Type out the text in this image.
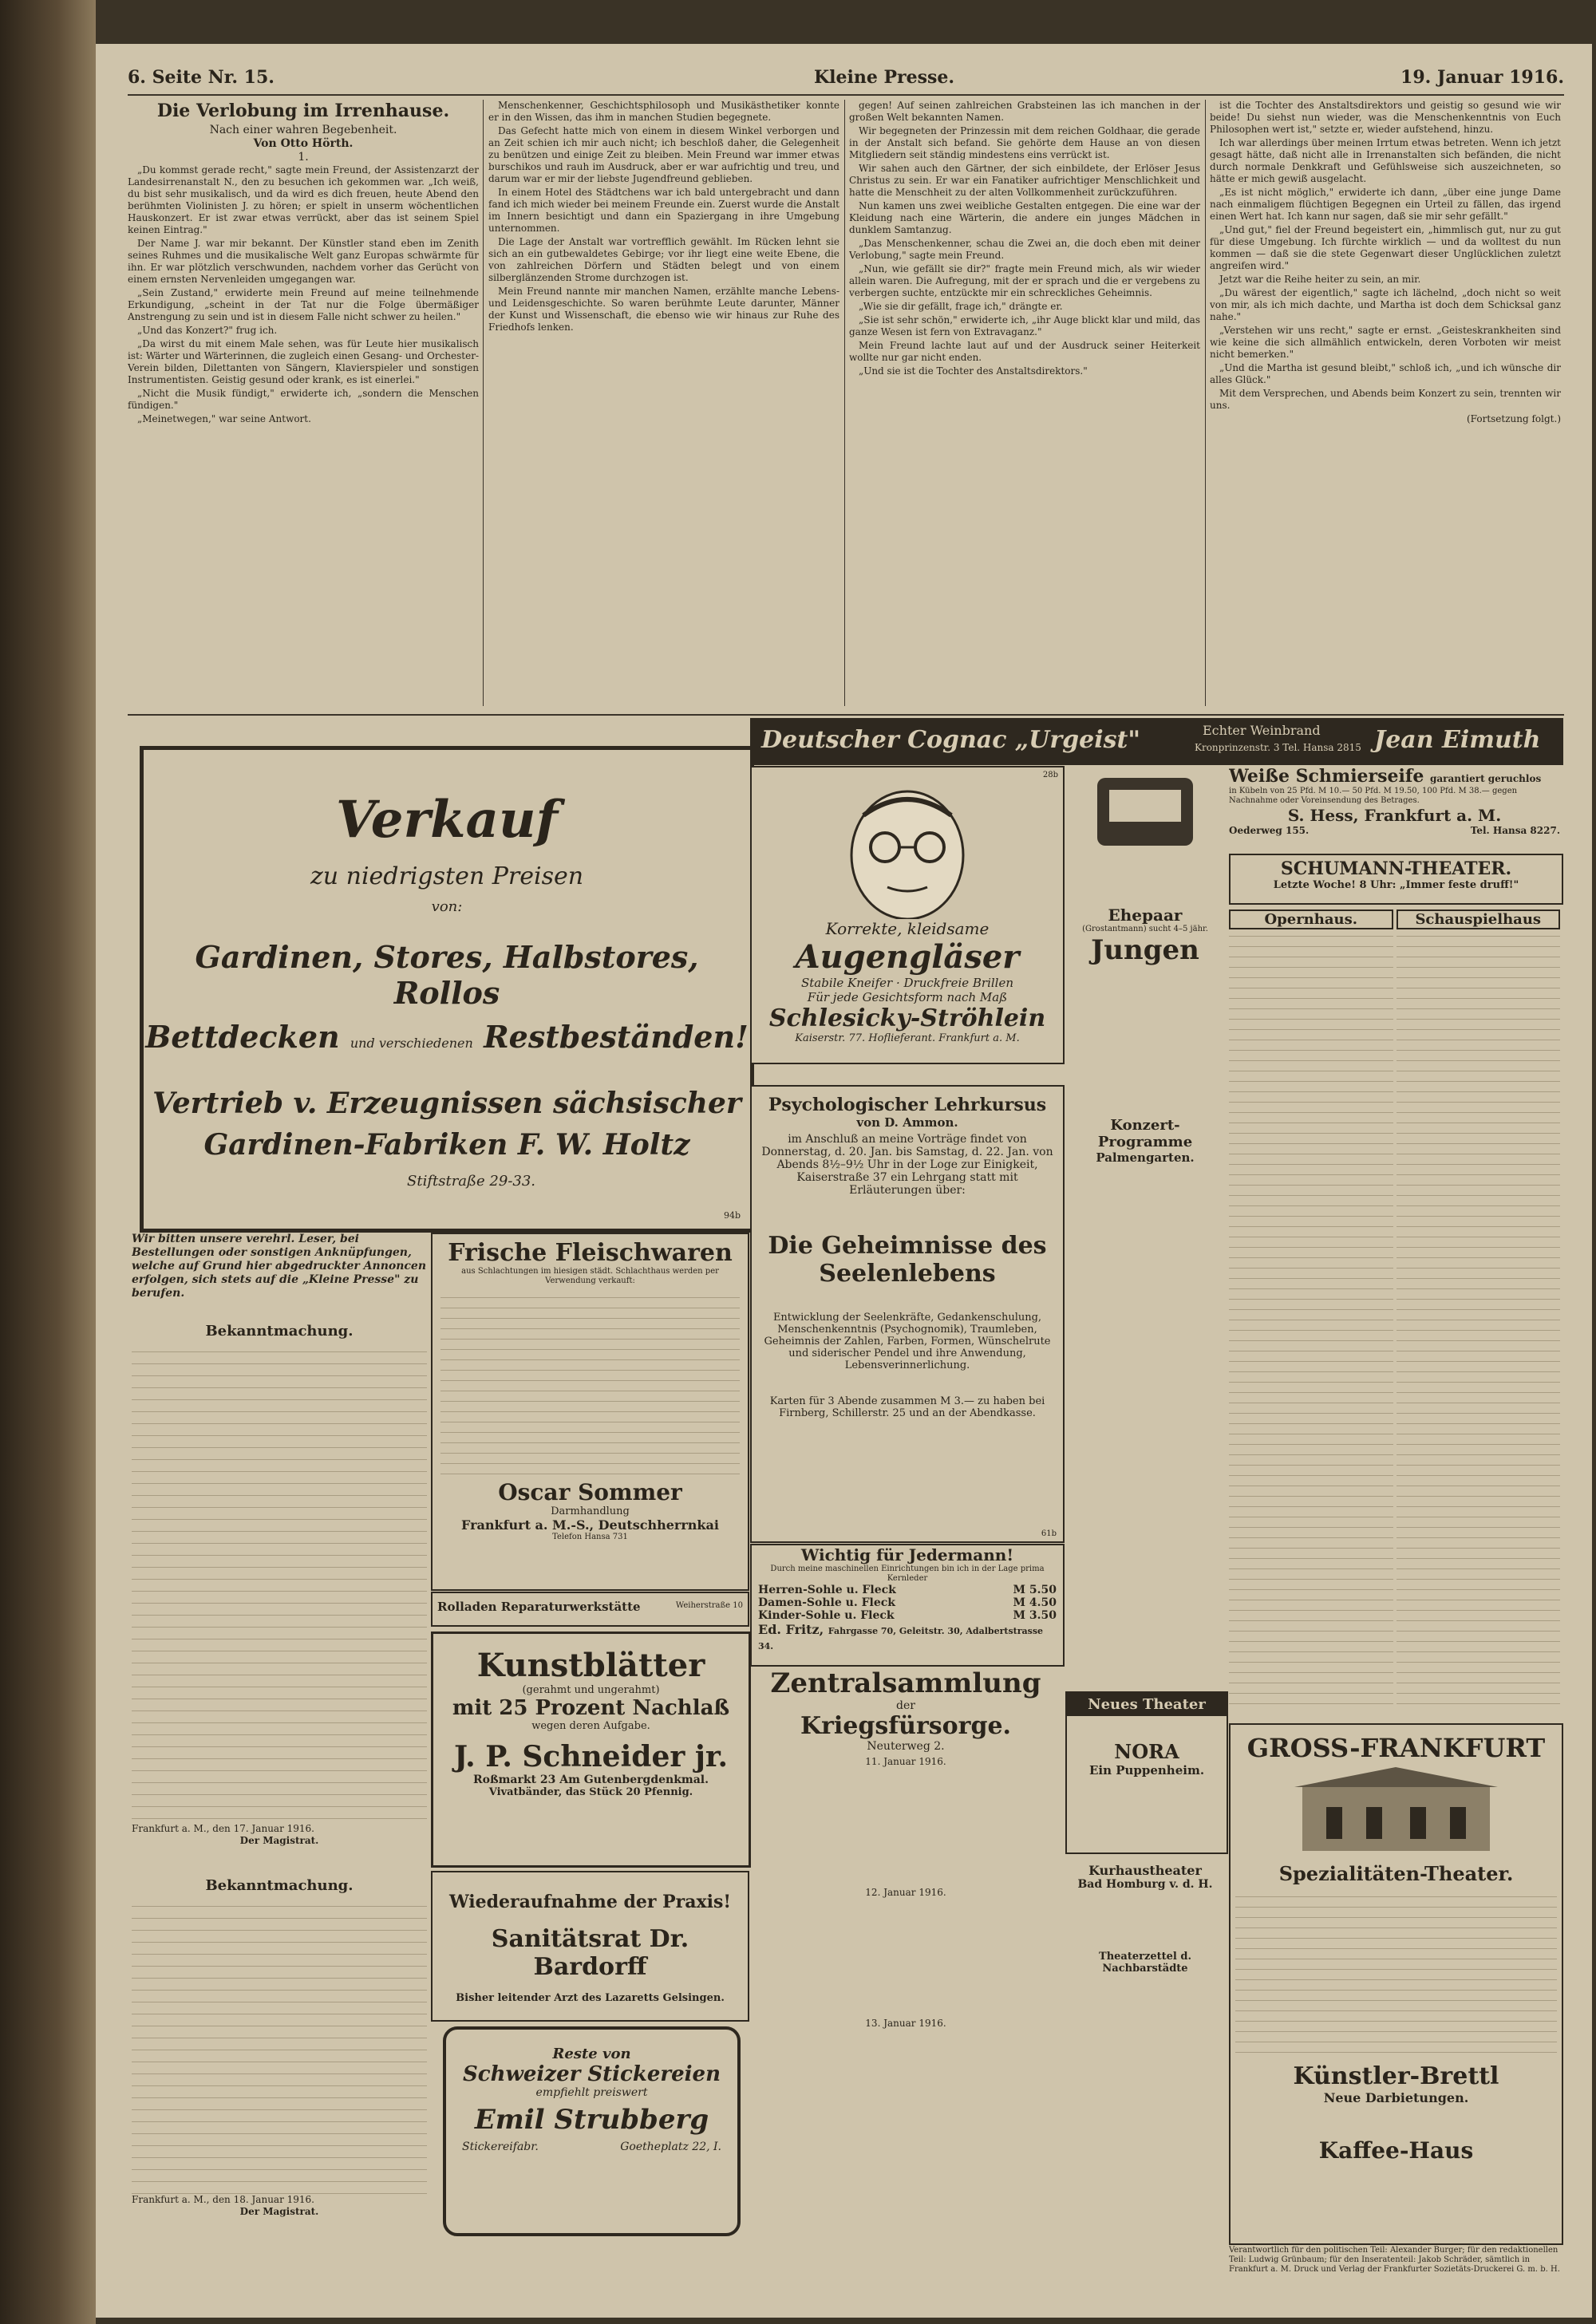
6. Seite Nr. 15.	Kleine Presse.	19. Januar 1916.
Die Verlobung im Irrenhause.
Nach einer wahren Begebenheit.
Von Otto Hörth.
1.

„Du kommst gerade recht," sagte mein Freund, der Assistenzarzt der Landesirrenanstalt N., den zu besuchen ich gekommen war. „Ich weiß, du bist sehr musikalisch, und da wird es dich freuen, heute Abend den berühmten Violinisten J. zu hören; er spielt in unserm wöchentlichen Hauskonzert. Er ist zwar etwas verrückt, aber das ist seinem Spiel keinen Eintrag."

Der Name J. war mir bekannt. Der Künstler stand eben im Zenith seines Ruhmes und die musikalische Welt ganz Europas schwärmte für ihn. Er war plötzlich verschwunden, nachdem vorher das Gerücht von einem ernsten Nervenleiden umgegangen war.

„Sein Zustand," erwiderte mein Freund auf meine teilnehmende Erkundigung, „scheint in der Tat nur die Folge übermäßiger Anstrengung zu sein und ist in diesem Falle nicht schwer zu heilen."

„Und das Konzert?" frug ich.

„Da wirst du mit einem Male sehen, was für Leute hier musikalisch ist: Wärter und Wärterinnen, die zugleich einen Gesang- und Orchester-Verein bilden, Dilettanten von Sängern, Klavierspieler und sonstigen Instrumentisten. Geistig gesund oder krank, es ist einerlei."

„Nicht die Musik fündigt," erwiderte ich, „sondern die Menschen fündigen."

„Meinetwegen," war seine Antwort.

Menschenkenner, Geschichtsphilosoph und Musikästhetiker konnte er in den Wissen, das ihm in manchen Studien begegnete.

Das Gefecht hatte mich von einem in diesem Winkel verborgen und an Zeit schien ich mir auch nicht; ich beschloß daher, die Gelegenheit zu benützen und einige Zeit zu bleiben. Mein Freund war immer etwas burschikos und rauh im Ausdruck, aber er war aufrichtig und treu, und darum war er mir der liebste Jugendfreund geblieben.

In einem Hotel des Städtchens war ich bald untergebracht und dann fand ich mich wieder bei meinem Freunde ein. Zuerst wurde die Anstalt im Innern besichtigt und dann ein Spaziergang in ihre Umgebung unternommen.

Die Lage der Anstalt war vortrefflich gewählt. Im Rücken lehnt sie sich an ein gutbewaldetes Gebirge; vor ihr liegt eine weite Ebene, die von zahlreichen Dörfern und Städten belegt und von einem silberglänzenden Strome durchzogen ist.

Mein Freund nannte mir manchen Namen, erzählte manche Lebens- und Leidensgeschichte. So waren berühmte Leute darunter, Männer der Kunst und Wissenschaft, die ebenso wie wir hinaus zur Ruhe des Friedhofs lenken.

gegen! Auf seinen zahlreichen Grabsteinen las ich manchen in der großen Welt bekannten Namen.

Wir begegneten der Prinzessin mit dem reichen Goldhaar, die gerade in der Anstalt sich befand. Sie gehörte dem Hause an von diesen Mitgliedern seit ständig mindestens eins verrückt ist.

Wir sahen auch den Gärtner, der sich einbildete, der Erlöser Jesus Christus zu sein. Er war ein Fanatiker aufrichtiger Menschlichkeit und hatte die Menschheit zu der alten Vollkommenheit zurückzuführen.

Nun kamen uns zwei weibliche Gestalten entgegen. Die eine war der Kleidung nach eine Wärterin, die andere ein junges Mädchen in dunklem Samtanzug.

„Das Menschenkenner, schau die Zwei an, die doch eben mit deiner Verlobung," sagte mein Freund.

„Nun, wie gefällt sie dir?" fragte mein Freund mich, als wir wieder allein waren. Die Aufregung, mit der er sprach und die er vergebens zu verbergen suchte, entzückte mir ein schreckliches Geheimnis.

„Wie sie dir gefällt, frage ich," drängte er.

„Sie ist sehr schön," erwiderte ich, „ihr Auge blickt klar und mild, das ganze Wesen ist fern von Extravaganz."

Mein Freund lachte laut auf und der Ausdruck seiner Heiterkeit wollte nur gar nicht enden.

„Und sie ist die Tochter des Anstaltsdirektors."

ist die Tochter des Anstaltsdirektors und geistig so gesund wie wir beide! Du siehst nun wieder, was die Menschenkenntnis von Euch Philosophen wert ist," setzte er, wieder aufstehend, hinzu.

Ich war allerdings über meinen Irrtum etwas betreten. Wenn ich jetzt gesagt hätte, daß nicht alle in Irrenanstalten sich befänden, die nicht durch normale Denkkraft und Gefühlsweise sich auszeichneten, so hätte er mich gewiß ausgelacht.

„Es ist nicht möglich," erwiderte ich dann, „über eine junge Dame nach einmaligem flüchtigen Begegnen ein Urteil zu fällen, das irgend einen Wert hat. Ich kann nur sagen, daß sie mir sehr gefällt."

„Und gut," fiel der Freund begeistert ein, „himmlisch gut, nur zu gut für diese Umgebung. Ich fürchte wirklich — und da wolltest du nun kommen — daß sie die stete Gegenwart dieser Unglücklichen zuletzt angreifen wird."

Jetzt war die Reihe heiter zu sein, an mir.

„Du wärest der eigentlich," sagte ich lächelnd, „doch nicht so weit von mir, als ich mich dachte, und Martha ist doch dem Schicksal ganz nahe."

„Verstehen wir uns recht," sagte er ernst. „Geisteskrankheiten sind wie keine die sich allmählich entwickeln, deren Vorboten wir meist nicht bemerken."

„Und die Martha ist gesund bleibt," schloß ich, „und ich wünsche dir alles Glück."

Mit dem Versprechen, und Abends beim Konzert zu sein, trennten wir uns.

(Fortsetzung folgt.)
Verkauf
zu niedrigsten Preisen
von:
Gardinen, Stores, Halbstores, Rollos
Bettdecken und verschiedenen Restbeständen!
Vertrieb v. Erzeugnissen sächsischer
Gardinen-Fabriken F. W. Holtz
Stiftstraße 29-33.
94b
Deutscher Cognac „Urgeist"	Echter Weinbrand
Kronprinzenstr. 3 Tel. Hansa 2815 Jean Eimuth
Korrekte, kleidsame
Augengläser
Stabile Kneifer · Druckfreie Brillen
Für jede Gesichtsform nach Maß
Schlesicky-Ströhlein
Kaiserstr. 77. Hoflieferant. Frankfurt a. M.
28b
Ehepaar
(Grostantmann) sucht 4–5 jähr.
Jungen
Konzert-Programme
Palmengarten.
Neues Theater
NORA
Ein Puppenheim.
Kurhaustheater
Bad Homburg v. d. H.
Theaterzettel d. Nachbarstädte
Psychologischer Lehrkursus
von D. Ammon.
im Anschluß an meine Vorträge findet von Donnerstag, d. 20. Jan. bis Samstag, d. 22. Jan. von Abends 8½–9½ Uhr in der Loge zur Einigkeit, Kaiserstraße 37 ein Lehrgang statt mit Erläuterungen über:
Die Geheimnisse des Seelenlebens
Entwicklung der Seelenkräfte, Gedankenschulung, Menschenkenntnis (Psychognomik), Traumleben, Geheimnis der Zahlen, Farben, Formen, Wünschelrute und siderischer Pendel und ihre Anwendung, Lebensverinnerlichung.
Karten für 3 Abende zusammen M 3.— zu haben bei Firnberg, Schillerstr. 25 und an der Abendkasse.
61b
Wichtig für Jedermann!
Durch meine maschinellen Einrichtungen bin ich in der Lage prima Kernleder
Herren-Sohle u. Fleck	M 5.50
Damen-Sohle u. Fleck	M 4.50
Kinder-Sohle u. Fleck	M 3.50
Ed. Fritz, Fahrgasse 70, Geleitstr. 30, Adalbertstrasse 34.
Zentralsammlung
der
Kriegsfürsorge.
Neuterweg 2.
11. Januar 1916.
12. Januar 1916.
13. Januar 1916.
Wir bitten unsere verehrl. Leser, bei Bestellungen oder sonstigen Anknüpfungen, welche auf Grund hier abgedruckter Annoncen erfolgen, sich stets auf die „Kleine Presse" zu berufen.
Bekanntmachung.
Frankfurt a. M., den 17. Januar 1916.
Der Magistrat.
Bekanntmachung.
Frankfurt a. M., den 18. Januar 1916.
Der Magistrat.
Frische Fleischwaren
aus Schlachtungen im hiesigen städt. Schlachthaus werden per Verwendung verkauft:
Oscar Sommer
Darmhandlung
Frankfurt a. M.-S., Deutschherrnkai
Telefon Hansa 731
Rolladen Reparaturwerkstätte	Weiherstraße 10
Kunstblätter
(gerahmt und ungerahmt)
mit 25 Prozent Nachlaß
wegen deren Aufgabe.
J. P. Schneider jr.
Roßmarkt 23 Am Gutenbergdenkmal.
Vivatbänder, das Stück 20 Pfennig.
Wiederaufnahme der Praxis!
Sanitätsrat Dr. Bardorff
Bisher leitender Arzt des Lazaretts Gelsingen.
Reste von
Schweizer Stickereien
empfiehlt preiswert
Emil Strubberg
Stickereifabr.	Goetheplatz 22, I.
Weiße Schmierseife garantiert geruchlos
in Kübeln von 25 Pfd. M 10.— 50 Pfd. M 19.50, 100 Pfd. M 38.— gegen Nachnahme oder Voreinsendung des Betrages.
S. Hess, Frankfurt a. M.
Oederweg 155.	Tel. Hansa 8227.
SCHUMANN-THEATER.
Letzte Woche! 8 Uhr: „Immer feste druff!"
Opernhaus.	Schauspielhaus
GROSS-FRANKFURT
Spezialitäten-Theater.
Künstler-Brettl
Neue Darbietungen.
Kaffee-Haus
Verantwortlich für den politischen Teil: Alexander Burger; für den redaktionellen Teil: Ludwig Grünbaum; für den Inseratenteil: Jakob Schräder, sämtlich in Frankfurt a. M. Druck und Verlag der Frankfurter Sozietäts-Druckerei G. m. b. H.
